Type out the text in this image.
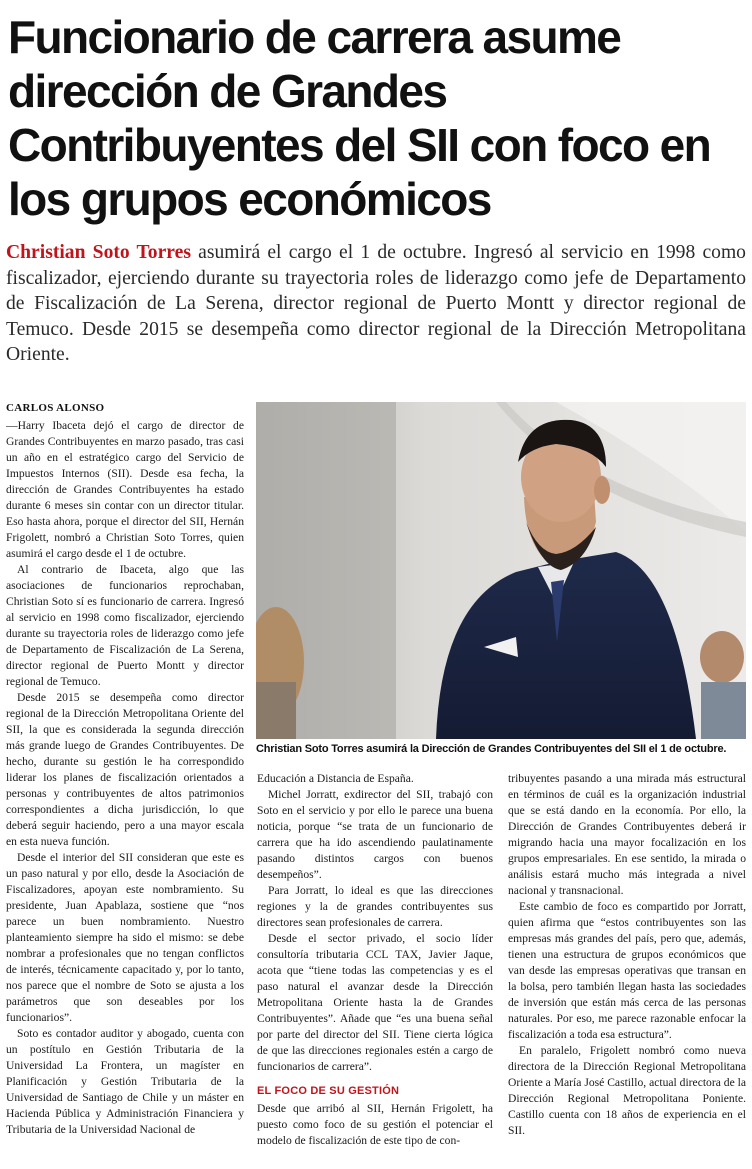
Funcionario de carrera asume dirección de Grandes Contribuyentes del SII con foco en los grupos económicos

Christian Soto Torres asumirá el cargo el 1 de octubre. Ingresó al servicio en 1998 como fiscalizador, ejerciendo durante su trayectoria roles de liderazgo como jefe de Departamento de Fiscalización de La Serena, director regional de Puerto Montt y director regional de Temuco. Desde 2015 se desempeña como director regional de la Dirección Metropolitana Oriente.

CARLOS ALONSO

—Harry Ibaceta dejó el cargo de director de Grandes Contribuyentes en marzo pasado, tras casi un año en el estratégico cargo del Servicio de Impuestos Internos (SII). Desde esa fecha, la dirección de Grandes Contribuyentes ha estado durante 6 meses sin contar con un director titular. Eso hasta ahora, porque el director del SII, Hernán Frigolett, nombró a Christian Soto Torres, quien asumirá el cargo desde el 1 de octubre.

Al contrario de Ibaceta, algo que las asociaciones de funcionarios reprochaban, Christian Soto sí es funcionario de carrera. Ingresó al servicio en 1998 como fiscalizador, ejerciendo durante su trayectoria roles de liderazgo como jefe de Departamento de Fiscalización de La Serena, director regional de Puerto Montt y director regional de Temuco.

Desde 2015 se desempeña como director regional de la Dirección Metropolitana Oriente del SII, la que es considerada la segunda dirección más grande luego de Grandes Contribuyentes. De hecho, durante su gestión le ha correspondido liderar los planes de fiscalización orientados a personas y contribuyentes de altos patrimonios correspondientes a dicha jurisdicción, lo que deberá seguir haciendo, pero a una mayor escala en esta nueva función.

Desde el interior del SII consideran que este es un paso natural y por ello, desde la Asociación de Fiscalizadores, apoyan este nombramiento. Su presidente, Juan Apablaza, sostiene que “nos parece un buen nombramiento. Nuestro planteamiento siempre ha sido el mismo: se debe nombrar a profesionales que no tengan conflictos de interés, técnicamente capacitado y, por lo tanto, nos parece que el nombre de Soto se ajusta a los parámetros que son deseables por los funcionarios”.

Soto es contador auditor y abogado, cuenta con un postítulo en Gestión Tributaria de la Universidad La Frontera, un magíster en Planificación y Gestión Tributaria de la Universidad de Santiago de Chile y un máster en Hacienda Pública y Administración Financiera y Tributaria de la Universidad Nacional de

Christian Soto Torres asumirá la Dirección de Grandes Contribuyentes del SII el 1 de octubre.

Educación a Distancia de España.

Michel Jorratt, exdirector del SII, trabajó con Soto en el servicio y por ello le parece una buena noticia, porque “se trata de un funcionario de carrera que ha ido ascendiendo paulatinamente pasando distintos cargos con buenos desempeños”.

Para Jorratt, lo ideal es que las direcciones regiones y la de grandes contribuyentes sus directores sean profesionales de carrera.

Desde el sector privado, el socio líder consultoría tributaria CCL TAX, Javier Jaque, acota que “tiene todas las competencias y es el paso natural el avanzar desde la Dirección Metropolitana Oriente hasta la de Grandes Contribuyentes”. Añade que “es una buena señal por parte del director del SII. Tiene cierta lógica de que las direcciones regionales estén a cargo de funcionarios de carrera”.

EL FOCO DE SU GESTIÓN

Desde que arribó al SII, Hernán Frigolett, ha puesto como foco de su gestión el potenciar el modelo de fiscalización de este tipo de con-

tribuyentes pasando a una mirada más estructural en términos de cuál es la organización industrial que se está dando en la economía. Por ello, la Dirección de Grandes Contribuyentes deberá ir migrando hacia una mayor focalización en los grupos empresariales. En ese sentido, la mirada o análisis estará mucho más integrada a nivel nacional y transnacional.

Este cambio de foco es compartido por Jorratt, quien afirma que “estos contribuyentes son las empresas más grandes del país, pero que, además, tienen una estructura de grupos económicos que van desde las empresas operativas que transan en la bolsa, pero también llegan hasta las sociedades de inversión que están más cerca de las personas naturales. Por eso, me parece razonable enfocar la fiscalización a toda esa estructura”.

En paralelo, Frigolett nombró como nueva directora de la Dirección Regional Metropolitana Oriente a María José Castillo, actual directora de la Dirección Regional Metropolitana Poniente. Castillo cuenta con 18 años de experiencia en el SII.
